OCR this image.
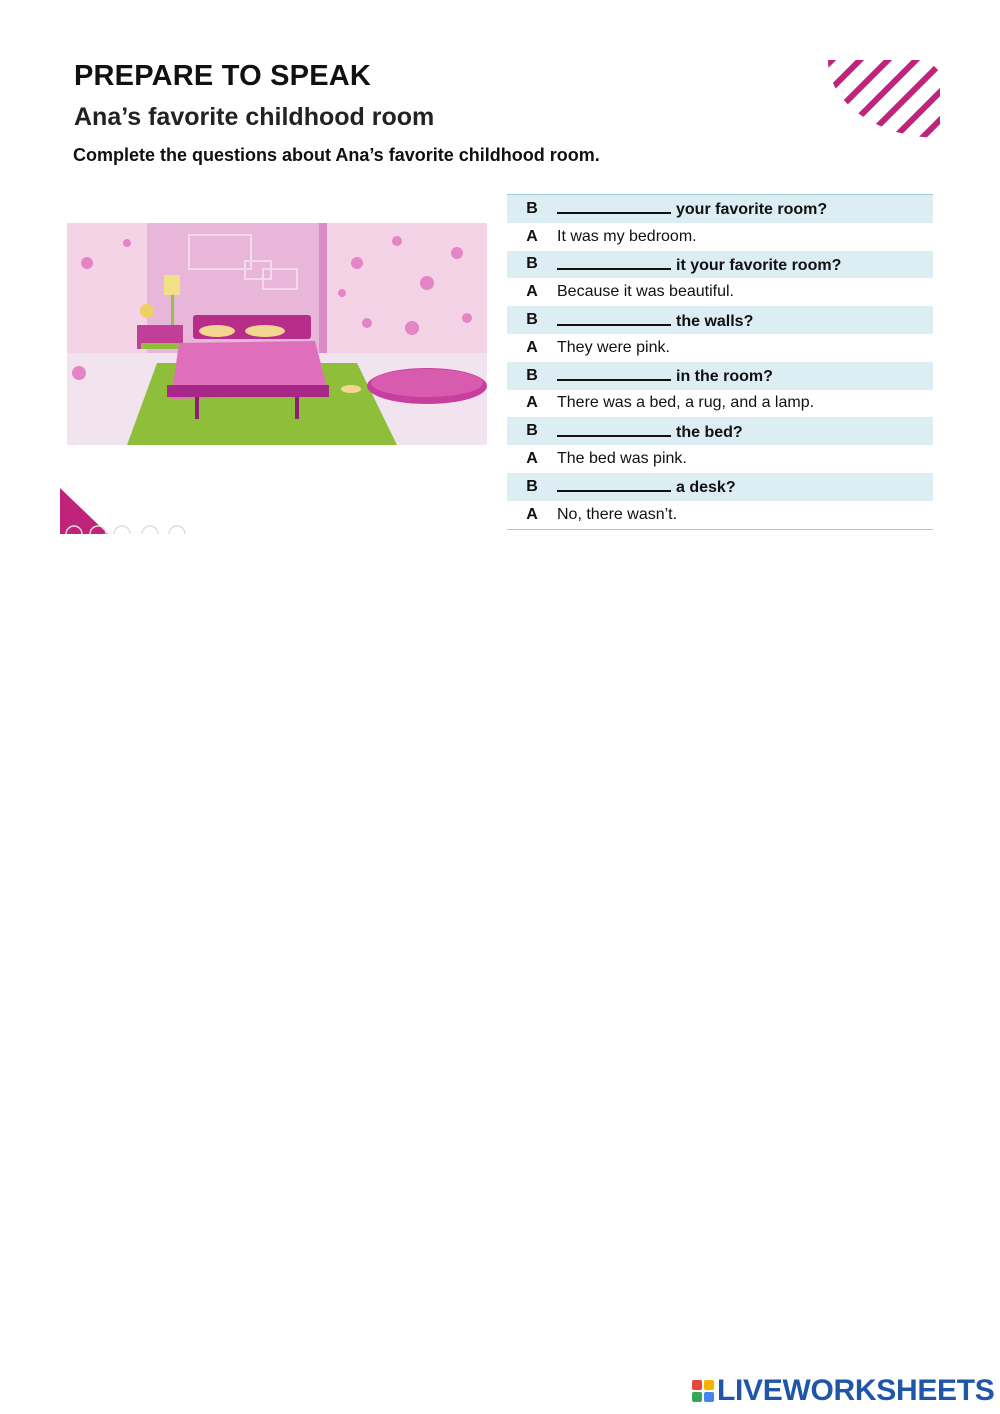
PREPARE TO SPEAK
Ana’s favorite childhood room

Complete the questions about Ana’s favorite childhood room.

B	your favorite room?
A	It was my bedroom.
B	it your favorite room?
A	Because it was beautiful.
B	the walls?
A	They were pink.
B	in the room?
A	There was a bed, a rug, and a lamp.
B	the bed?
A	The bed was pink.
B	a desk?
A	No, there wasn’t.
LIVEWORKSHEETS
